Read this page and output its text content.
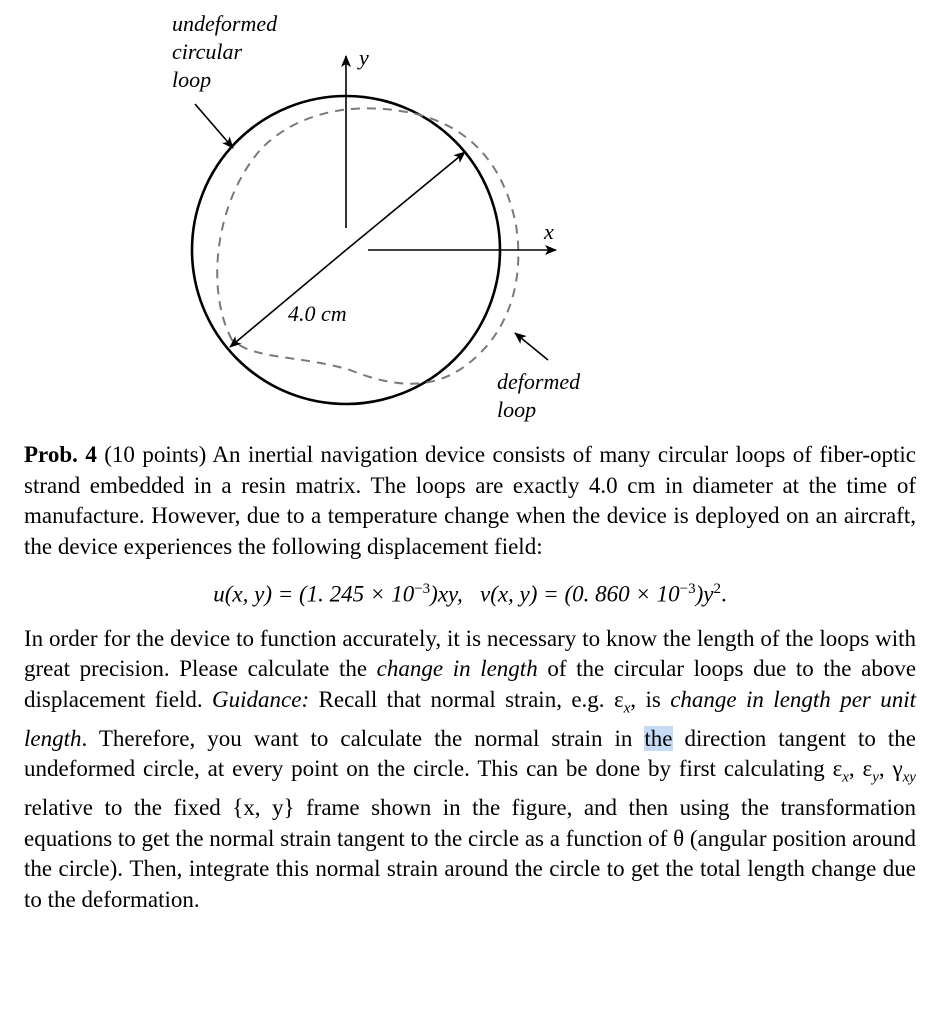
undeformed
circular
loop
y
x
4.0 cm
deformed
loop

Prob. 4 (10 points) An inertial navigation device consists of many circular loops of fiber-optic strand embedded in a resin matrix. The loops are exactly 4.0 cm in diameter at the time of manufacture. However, due to a temperature change when the device is deployed on an aircraft, the device experiences the following displacement field:

u(x, y) = (1. $245 \times 10^{-3})xy$, v(x, y) = (0. $860 \times 10^{-3})y^2$.

In order for the device to function accurately, it is necessary to know the length of the loops with great precision. Please calculate the change in length of the circular loops due to the above displacement field. Guidance: Recall that normal strain, e.g. $\varepsilon_x$, is change in length per unit length. Therefore, you want to calculate the normal strain in the direction tangent to the undeformed circle, at every point on the circle. This can be done by first calculating $\varepsilon_x$, $\varepsilon_y$, $\gamma_{xy}$ relative to the fixed {x, y} frame shown in the figure, and then using the transformation equations to get the normal strain tangent to the circle as a function of θ (angular position around the circle). Then, integrate this normal strain around the circle to get the total length change due to the deformation.
